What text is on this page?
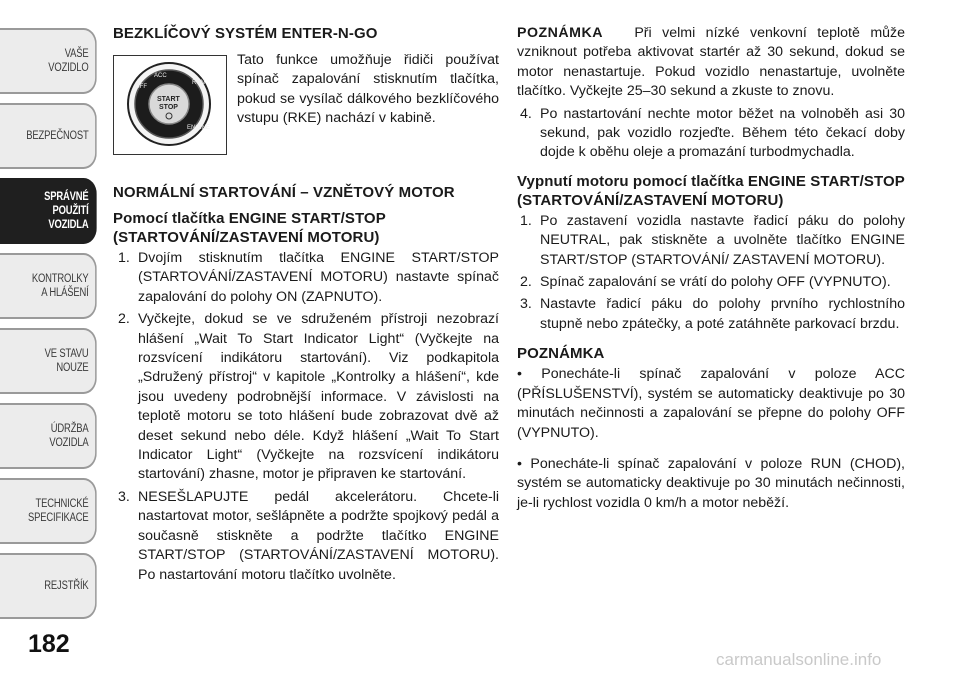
VAŠE
VOZIDLO
BEZPEČNOST
SPRÁVNÉ
POUŽITÍ
VOZIDLA
KONTROLKY
A HLÁŠENÍ
VE STAVU
NOUZE
ÚDRŽBA
VOZIDLA
TECHNICKÉ
SPECIFIKACE
REJSTŘÍK
182
BEZKLÍČOVÝ SYSTÉM ENTER-N-GO
ACC
RUN
OFF
START
STOP
ENGINE
Tato funkce umožňuje řidiči používat spínač zapalování stisknutím tlačítka, pokud se vysílač dálkového bezklíčového vstupu (RKE) nachází v kabině.
NORMÁLNÍ STARTOVÁNÍ – VZNĚTOVÝ MOTOR
Pomocí tlačítka ENGINE START/STOP (STARTOVÁNÍ/ZASTAVENÍ MOTORU)
1. Dvojím stisknutím tlačítka ENGINE START/STOP (STARTOVÁNÍ/ZASTAVENÍ MOTORU) nastavte spínač zapalování do polohy ON (ZAPNUTO).
2. Vyčkejte, dokud se ve sdruženém přístroji nezobrazí hlášení „Wait To Start Indicator Light“ (Vyčkejte na rozsvícení indikátoru startování). Viz podkapitola „Sdružený přístroj“ v kapitole „Kontrolky a hlášení“, kde jsou uvedeny podrobnější informace. V závislosti na teplotě motoru se toto hlášení bude zobrazovat dvě až deset sekund nebo déle. Když hlášení „Wait To Start Indicator Light“ (Vyčkejte na rozsvícení indikátoru startování) zhasne, motor je připraven ke startování.
3. NESEŠLAPUJTE pedál akcelerátoru. Chcete-li nastartovat motor, sešlápněte a podržte spojkový pedál a současně stiskněte a podržte tlačítko ENGINE START/STOP (STARTOVÁNÍ/ZASTAVENÍ MOTORU). Po nastartování motoru tlačítko uvolněte.
POZNÁMKA Při velmi nízké venkovní teplotě může vzniknout potřeba aktivovat startér až 30 sekund, dokud se motor nenastartuje. Pokud vozidlo nenastartuje, uvolněte tlačítko. Vyčkejte 25–30 sekund a zkuste to znovu.
4. Po nastartování nechte motor běžet na volnoběh asi 30 sekund, pak vozidlo rozjeďte. Během této čekací doby dojde k oběhu oleje a promazání turbodmychadla.
Vypnutí motoru pomocí tlačítka ENGINE START/STOP (STARTOVÁNÍ/ZASTAVENÍ MOTORU)
1. Po zastavení vozidla nastavte řadicí páku do polohy NEUTRAL, pak stiskněte a uvolněte tlačítko ENGINE START/STOP (STARTOVÁNÍ/ ZASTAVENÍ MOTORU).
2. Spínač zapalování se vrátí do polohy OFF (VYPNUTO).
3. Nastavte řadicí páku do polohy prvního rychlostního stupně nebo zpátečky, a poté zatáhněte parkovací brzdu.
POZNÁMKA
• Ponecháte-li spínač zapalování v poloze ACC (PŘÍSLUŠENSTVÍ), systém se automaticky deaktivuje po 30 minutách nečinnosti a zapalování se přepne do polohy OFF (VYPNUTO).
• Ponecháte-li spínač zapalování v poloze RUN (CHOD), systém se automaticky deaktivuje po 30 minutách nečinnosti, je-li rychlost vozidla 0 km/h a motor neběží.
carmanualsonline.info
